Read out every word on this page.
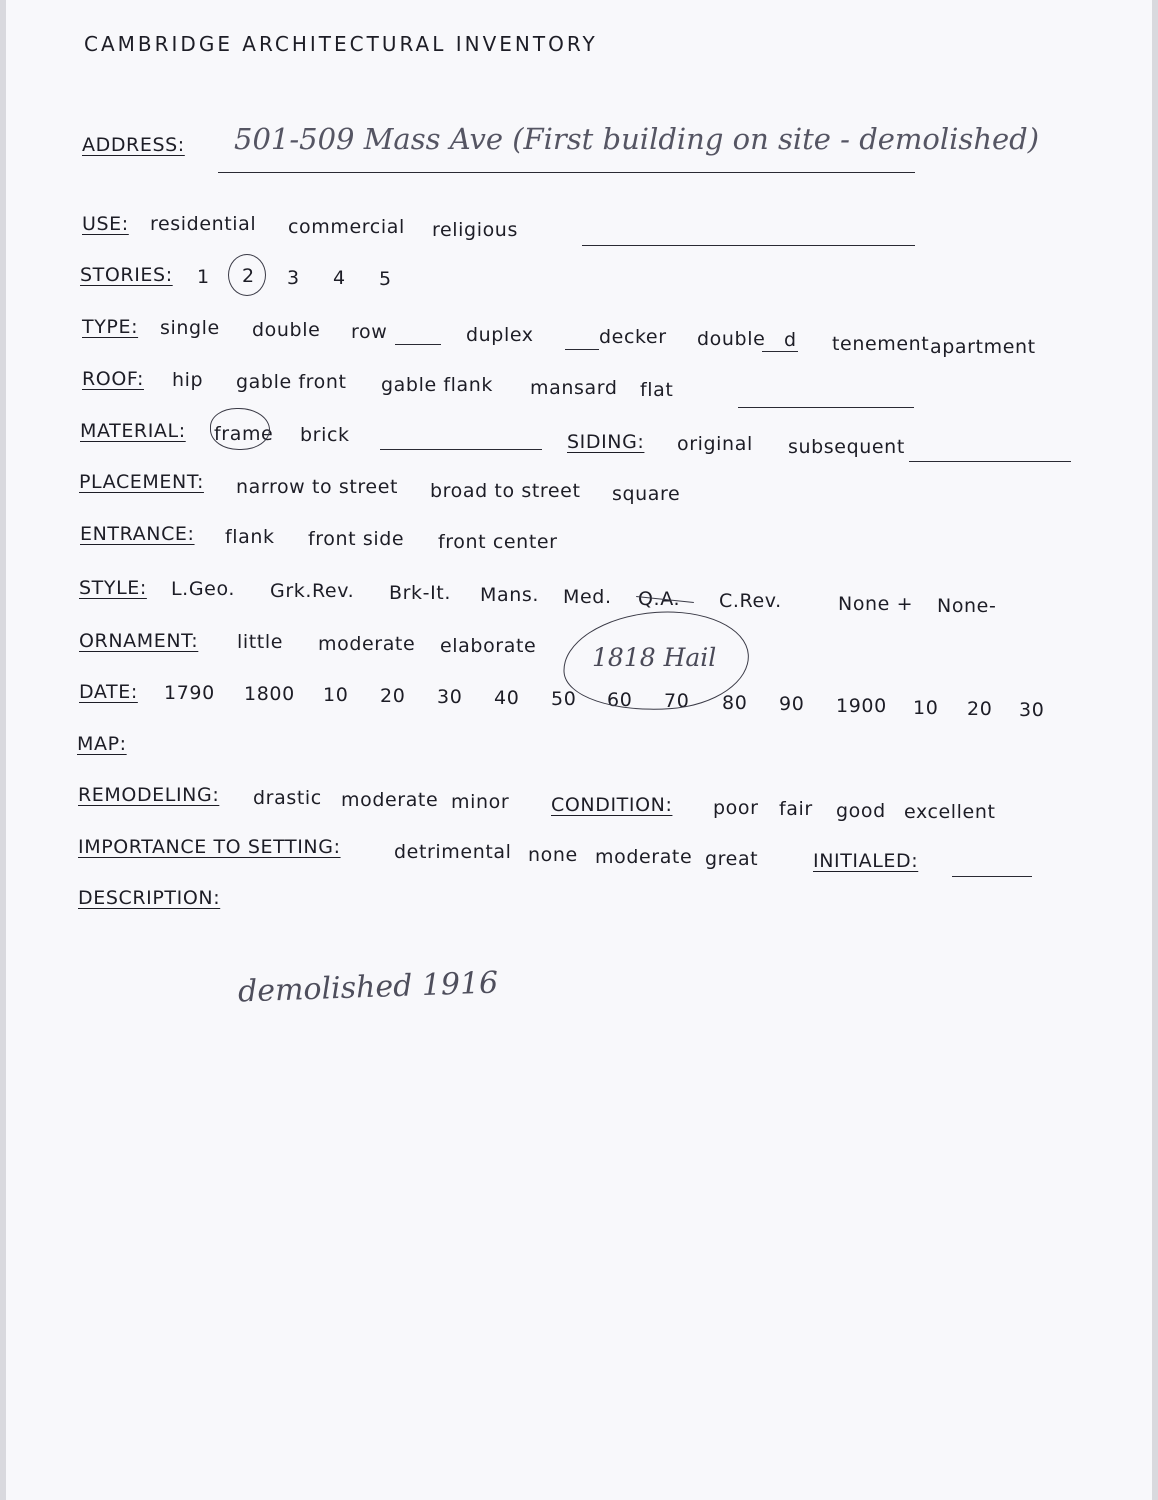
CAMBRIDGE ARCHITECTURAL INVENTORY
ADDRESS: 501-509 Mass Ave (First building on site - demolished)
USE: residential commercial religious
STORIES: 1 2 3 4 5
TYPE: single double row	duplex	decker double d tenement apartment
ROOF: hip gable front gable flank mansard flat
MATERIAL: frame brick	SIDING: original subsequent
PLACEMENT: narrow to street broad to street square
ENTRANCE: flank front side front center
STYLE: L.Geo. Grk.Rev. Brk-It. Mans. Med. Q.A. C.Rev.	None + None-
ORNAMENT: little moderate elaborate
DATE: 1790 1800 10 20 30 40 50 60 70 80 90 1900 10 20 30
1818 Hail
MAP:
REMODELING: drastic moderate minor CONDITION: poor fair good excellent
IMPORTANCE TO SETTING:	detrimental none moderate great	INITIALED:
DESCRIPTION:
demolished 1916
